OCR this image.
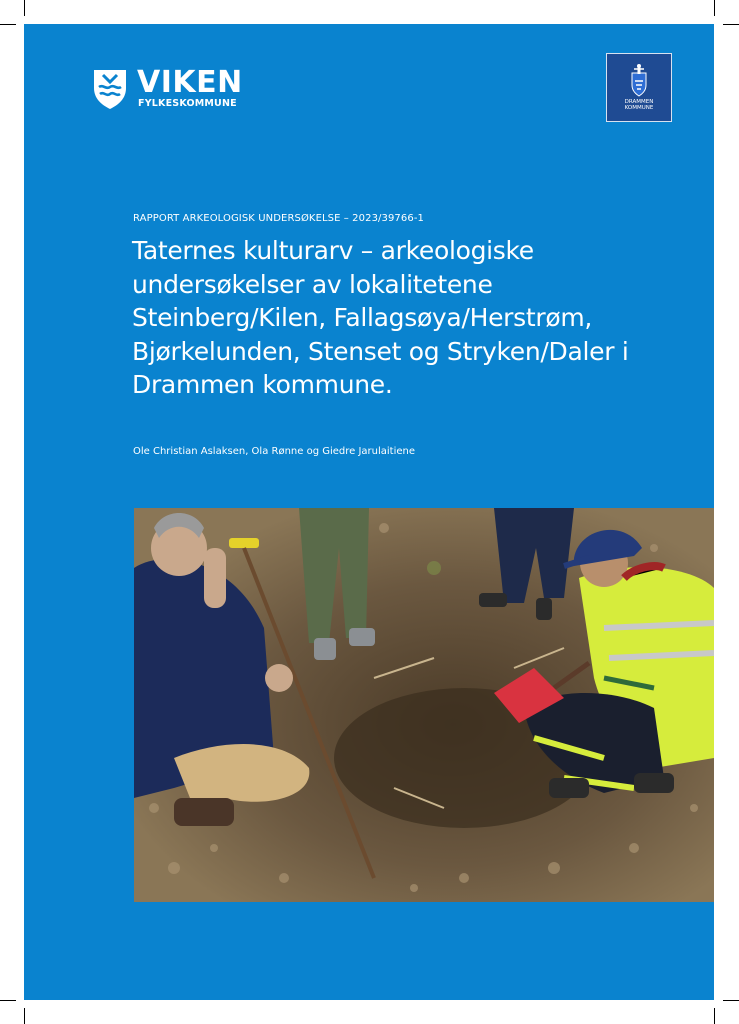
VIKEN
FYLKESKOMMUNE	DRAMMEN
KOMMUNE
RAPPORT ARKEOLOGISK UNDERSØKELSE – 2023/39766-1
Taternes kulturarv – arkeologiske undersøkelser av lokalitetene Steinberg/Kilen, Fallagsøya/Herstrøm, Bjørkelunden, Stenset og Stryken/Daler i Drammen kommune.
Ole Christian Aslaksen, Ola Rønne og Giedre Jarulaitiene
